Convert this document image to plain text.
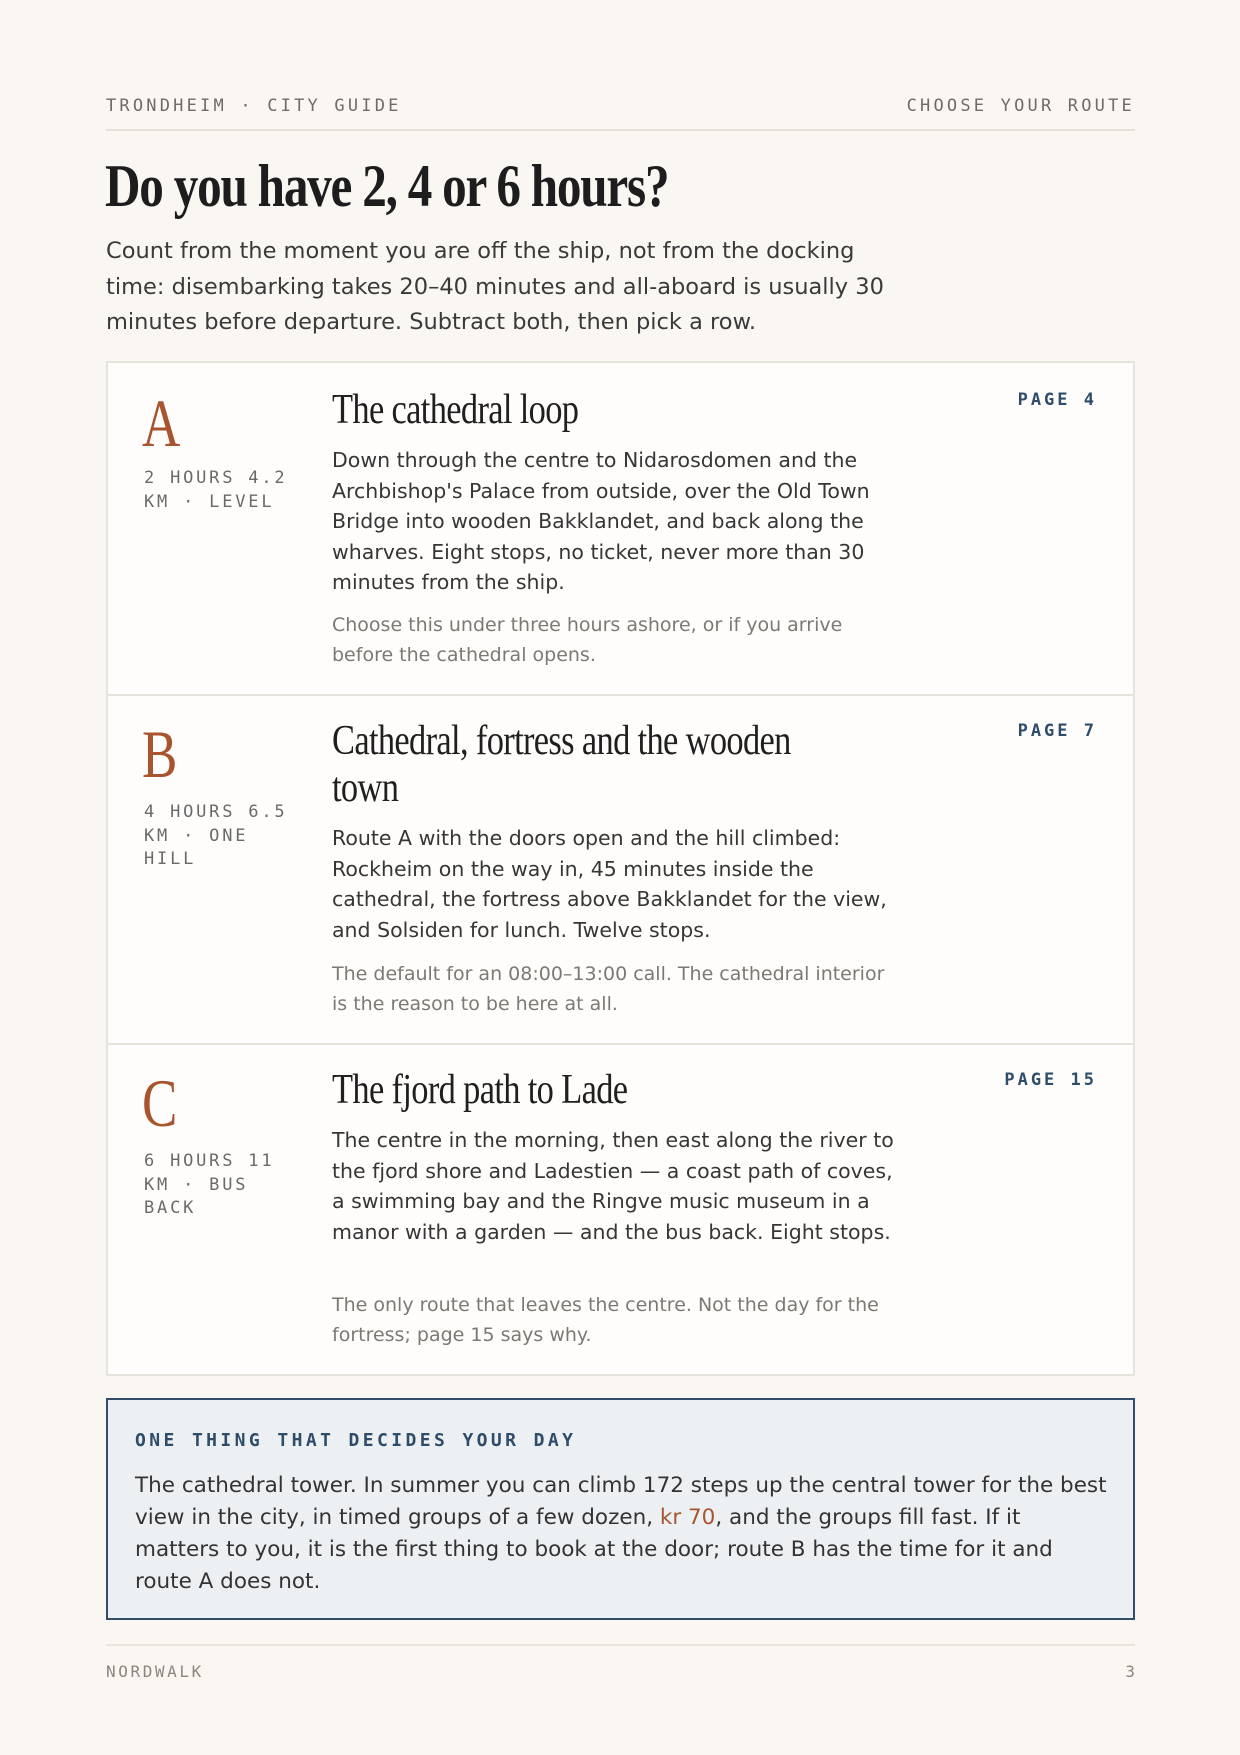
TRONDHEIM · CITY GUIDE	CHOOSE YOUR ROUTE
Do you have 2, 4 or 6 hours?

Count from the moment you are off the ship, not from the docking time: disembarking takes 20–40 minutes and all-aboard is usually 30 minutes before departure. Subtract both, then pick a row.

A
2 HOURS 4.2 KM · LEVEL
The cathedral loop

Down through the centre to Nidarosdomen and the Archbishop's Palace from outside, over the Old Town Bridge into wooden Bakklandet, and back along the wharves. Eight stops, no ticket, never more than 30 minutes from the ship.

Choose this under three hours ashore, or if you arrive before the cathedral opens.

PAGE 4
B
4 HOURS 6.5 KM · ONE HILL
Cathedral, fortress and the wooden town

Route A with the doors open and the hill climbed: Rockheim on the way in, 45 minutes inside the cathedral, the fortress above Bakklandet for the view, and Solsiden for lunch. Twelve stops.

The default for an 08:00–13:00 call. The cathedral interior is the reason to be here at all.

PAGE 7
C
6 HOURS 11 KM · BUS BACK
The fjord path to Lade

The centre in the morning, then east along the river to the fjord shore and Ladestien — a coast path of coves, a swimming bay and the Ringve music museum in a manor with a garden — and the bus back. Eight stops.

The only route that leaves the centre. Not the day for the fortress; page 15 says why.

PAGE 15
ONE THING THAT DECIDES YOUR DAY

The cathedral tower. In summer you can climb 172 steps up the central tower for the best view in the city, in timed groups of a few dozen, kr 70, and the groups fill fast. If it matters to you, it is the first thing to book at the door; route B has the time for it and route A does not.

NORDWALK	3
